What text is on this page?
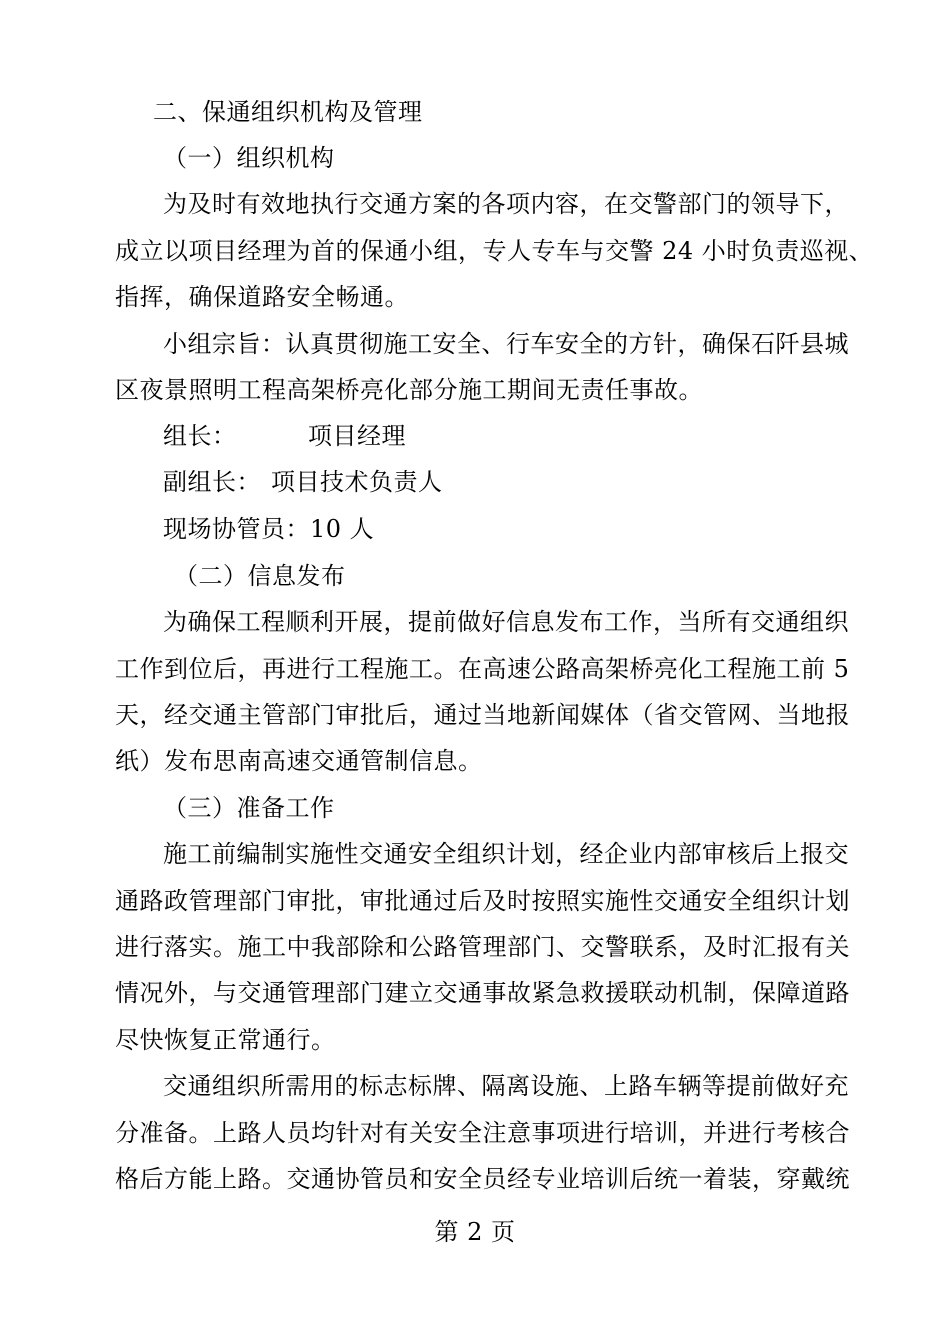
二、保通组织机构及管理

（一）组织机构

为及时有效地执行交通方案的各项内容，在交警部门的领导下，

成立以项目经理为首的保通小组，专人专车与交警 24 小时负责巡视、

指挥，确保道路安全畅通。

小组宗旨：认真贯彻施工安全、行车安全的方针，确保石阡县城

区夜景照明工程高架桥亮化部分施工期间无责任事故。

组长：	项目经理

副组长： 项目技术负责人

现场协管员： 10 人

（二）信息发布

为确保工程顺利开展，提前做好信息发布工作，当所有交通组织

工作到位后，再进行工程施工。在高速公路高架桥亮化工程施工前 5

天，经交通主管部门审批后，通过当地新闻媒体（省交管网、当地报

纸）发布思南高速交通管制信息。

（三）准备工作

施工前编制实施性交通安全组织计划，经企业内部审核后上报交

通路政管理部门审批，审批通过后及时按照实施性交通安全组织计划

进行落实。施工中我部除和公路管理部门、交警联系，及时汇报有关

情况外，与交通管理部门建立交通事故紧急救援联动机制，保障道路

尽快恢复正常通行。

交通组织所需用的标志标牌、隔离设施、上路车辆等提前做好充

分准备。上路人员均针对有关安全注意事项进行培训，并进行考核合

格后方能上路。交通协管员和安全员经专业培训后统一着装，穿戴统

第 2 页
